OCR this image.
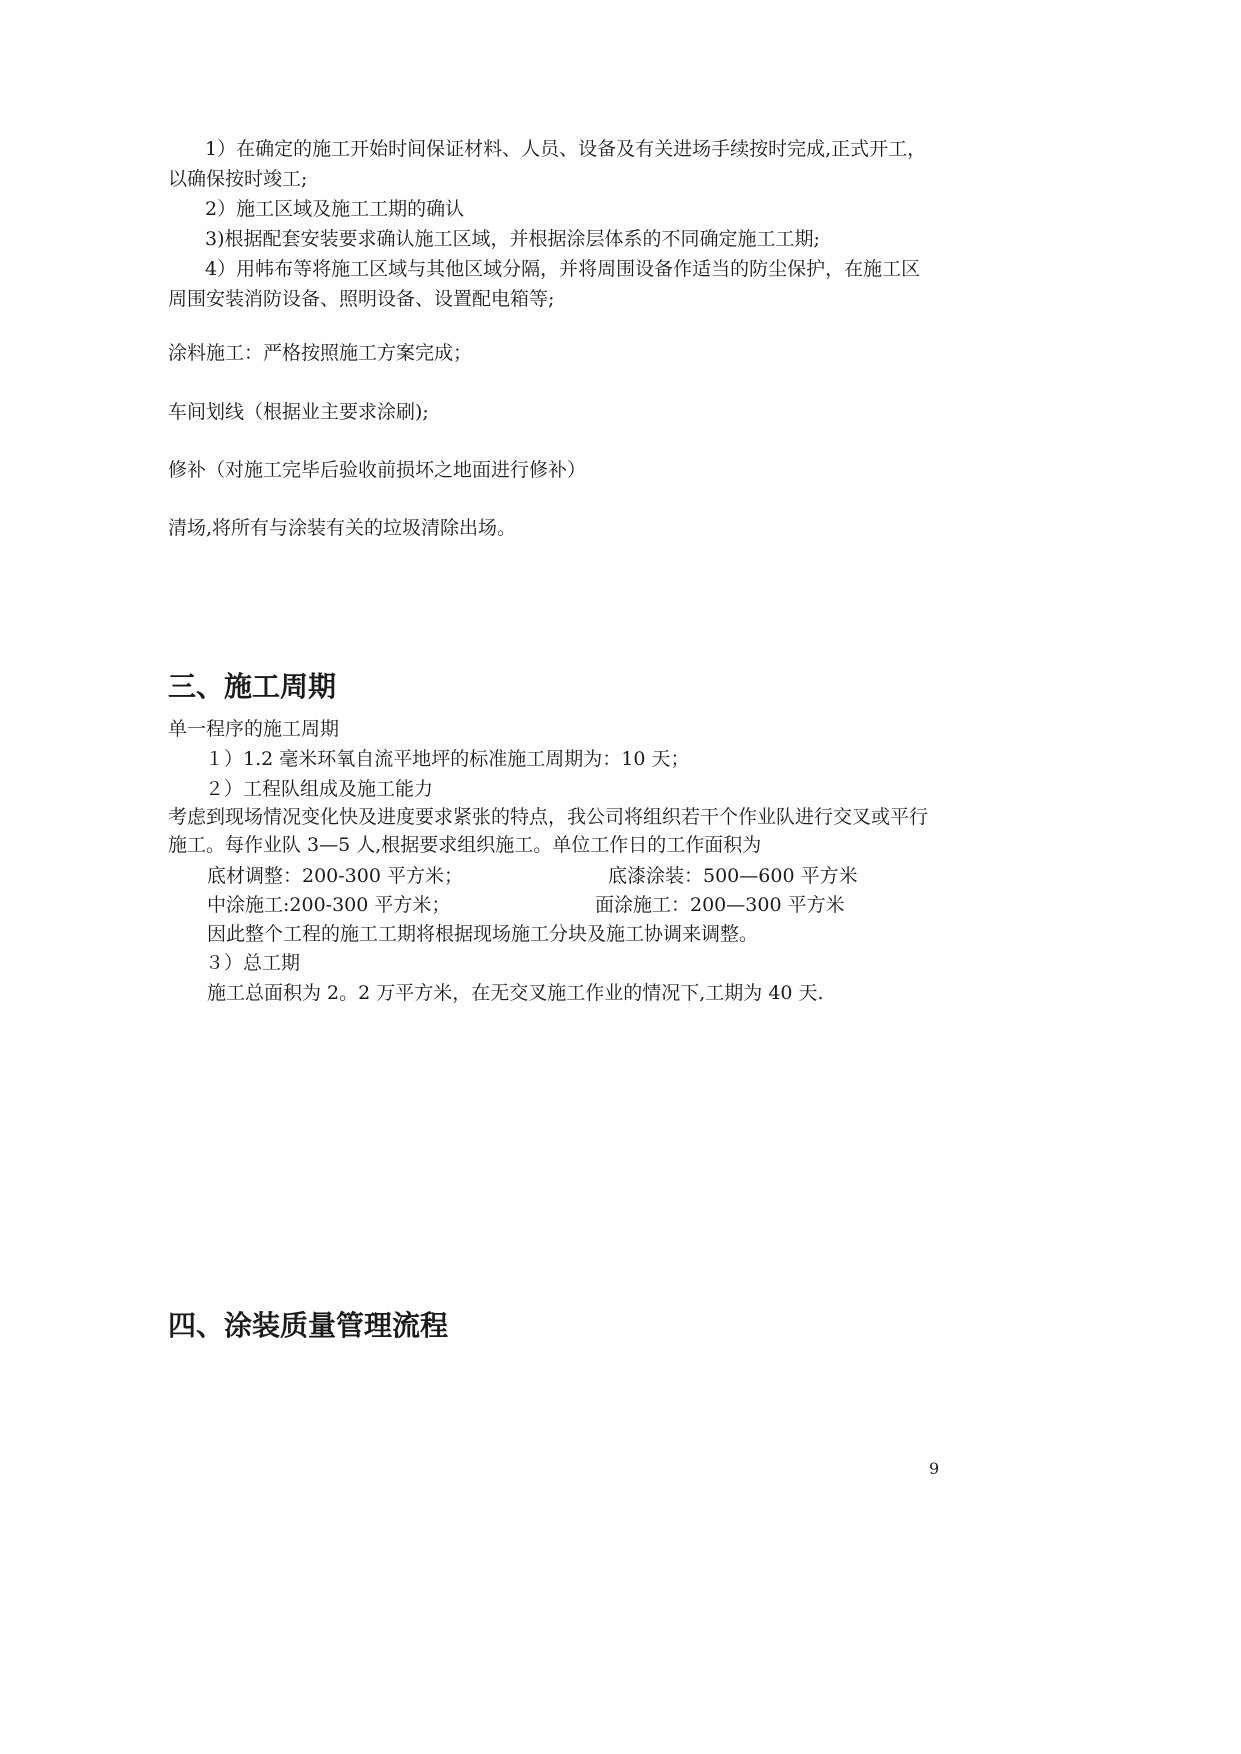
1）在确定的施工开始时间保证材料、人员、设备及有关进场手续按时完成,正式开工，
以确保按时竣工;
2）施工区域及施工工期的确认
3)根据配套安装要求确认施工区域，并根据涂层体系的不同确定施工工期;
4）用帏布等将施工区域与其他区域分隔，并将周围设备作适当的防尘保护，在施工区
周围安装消防设备、照明设备、设置配电箱等;
涂料施工：严格按照施工方案完成；
车间划线（根据业主要求涂刷);
修补（对施工完毕后验收前损坏之地面进行修补）
清场,将所有与涂装有关的垃圾清除出场。
三、施工周期
单一程序的施工周期
１）1.2 毫米环氧自流平地坪的标准施工周期为：10 天；
２）工程队组成及施工能力
考虑到现场情况变化快及进度要求紧张的特点，我公司将组织若干个作业队进行交叉或平行
施工。每作业队 3—5 人,根据要求组织施工。单位工作日的工作面积为
底材调整：200-300 平方米；	底漆涂装：500—600 平方米
中涂施工:200-300 平方米；	面涂施工：200—300 平方米
因此整个工程的施工工期将根据现场施工分块及施工协调来调整。
３）总工期
施工总面积为 2。2 万平方米，在无交叉施工作业的情况下,工期为 40 天.
四、涂装质量管理流程
9
